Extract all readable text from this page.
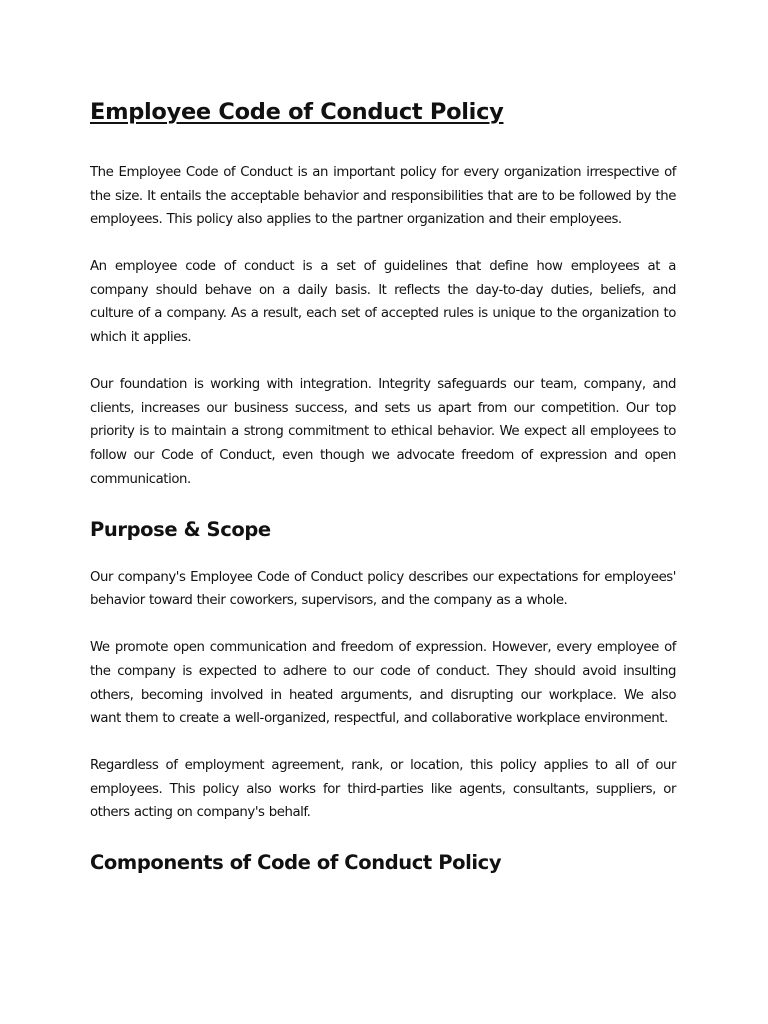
Employee Code of Conduct Policy

The Employee Code of Conduct is an important policy for every organization irrespective of the size. It entails the acceptable behavior and responsibilities that are to be followed by the employees. This policy also applies to the partner organization and their employees.

An employee code of conduct is a set of guidelines that define how employees at a company should behave on a daily basis. It reflects the day-to-day duties, beliefs, and culture of a company. As a result, each set of accepted rules is unique to the organization to which it applies.

Our foundation is working with integration. Integrity safeguards our team, company, and clients, increases our business success, and sets us apart from our competition. Our top priority is to maintain a strong commitment to ethical behavior. We expect all employees to follow our Code of Conduct, even though we advocate freedom of expression and open communication.

Purpose & Scope

Our company's Employee Code of Conduct policy describes our expectations for employees' behavior toward their coworkers, supervisors, and the company as a whole.

We promote open communication and freedom of expression. However, every employee of the company is expected to adhere to our code of conduct. They should avoid insulting others, becoming involved in heated arguments, and disrupting our workplace. We also want them to create a well-organized, respectful, and collaborative workplace environment.

Regardless of employment agreement, rank, or location, this policy applies to all of our employees. This policy also works for third-parties like agents, consultants, suppliers, or others acting on company's behalf.

Components of Code of Conduct Policy
